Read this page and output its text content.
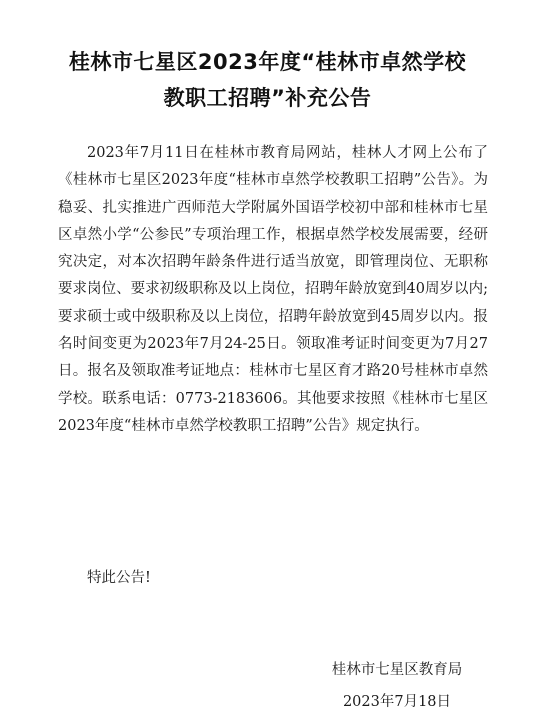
桂林市七星区2023年度“桂林市卓然学校
教职工招聘”补充公告

2023年7月11日在桂林市教育局网站，桂林人才网上公布了《桂林市七星区2023年度“桂林市卓然学校教职工招聘”公告》。为稳妥、扎实推进广西师范大学附属外国语学校初中部和桂林市七星区卓然小学“公参民”专项治理工作，根据卓然学校发展需要，经研究决定，对本次招聘年龄条件进行适当放宽，即管理岗位、无职称要求岗位、要求初级职称及以上岗位，招聘年龄放宽到40周岁以内;要求硕士或中级职称及以上岗位，招聘年龄放宽到45周岁以内。报名时间变更为2023年7月24-25日。领取准考证时间变更为7月27日。报名及领取准考证地点：桂林市七星区育才路20号桂林市卓然学校。联系电话：0773-2183606。其他要求按照《桂林市七星区2023年度“桂林市卓然学校教职工招聘”公告》规定执行。

特此公告!
桂林市七星区教育局
2023年7月18日
